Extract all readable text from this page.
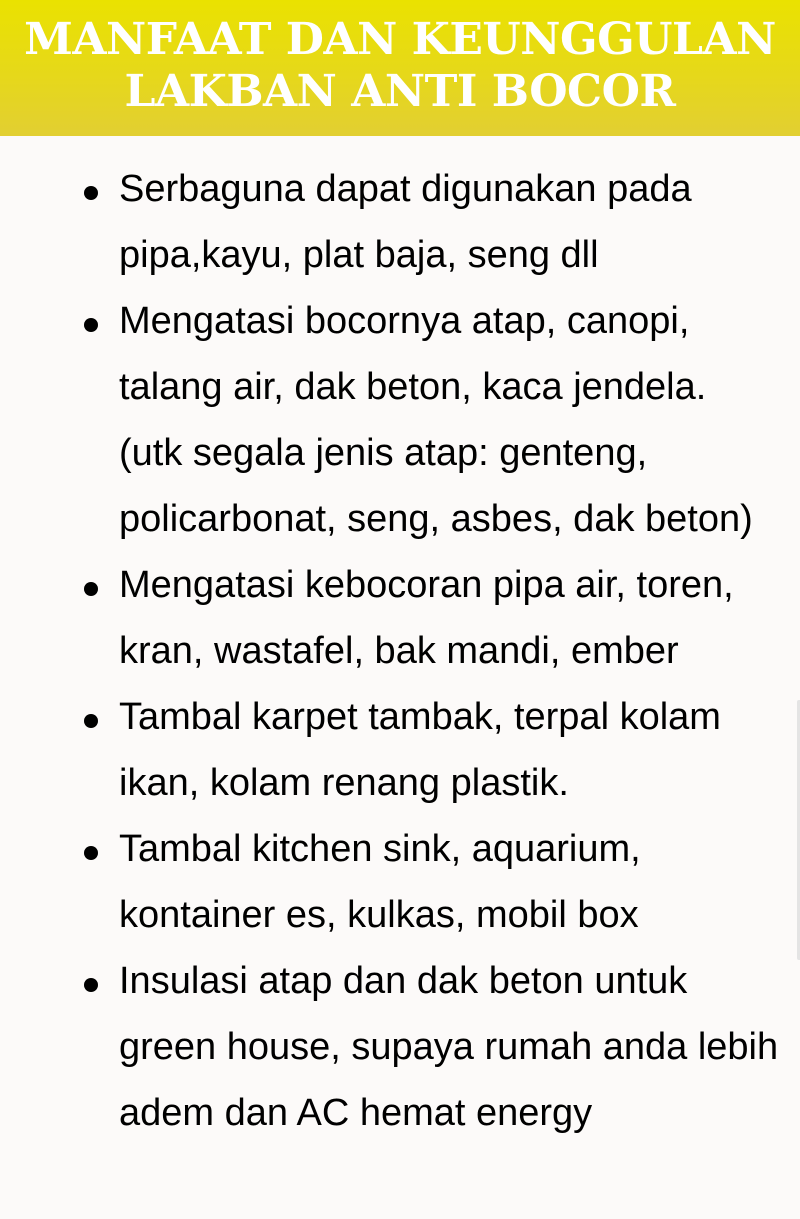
MANFAAT DAN KEUNGGULAN
LAKBAN ANTI BOCOR
Serbaguna dapat digunakan pada
pipa,kayu, plat baja, seng dll
Mengatasi bocornya atap, canopi,
talang air, dak beton, kaca jendela.
(utk segala jenis atap: genteng,
policarbonat, seng, asbes, dak beton)
Mengatasi kebocoran pipa air, toren,
kran, wastafel, bak mandi, ember
Tambal karpet tambak, terpal kolam
ikan, kolam renang plastik.
Tambal kitchen sink, aquarium,
kontainer es, kulkas, mobil box
Insulasi atap dan dak beton untuk
green house, supaya rumah anda lebih
adem dan AC hemat energy
